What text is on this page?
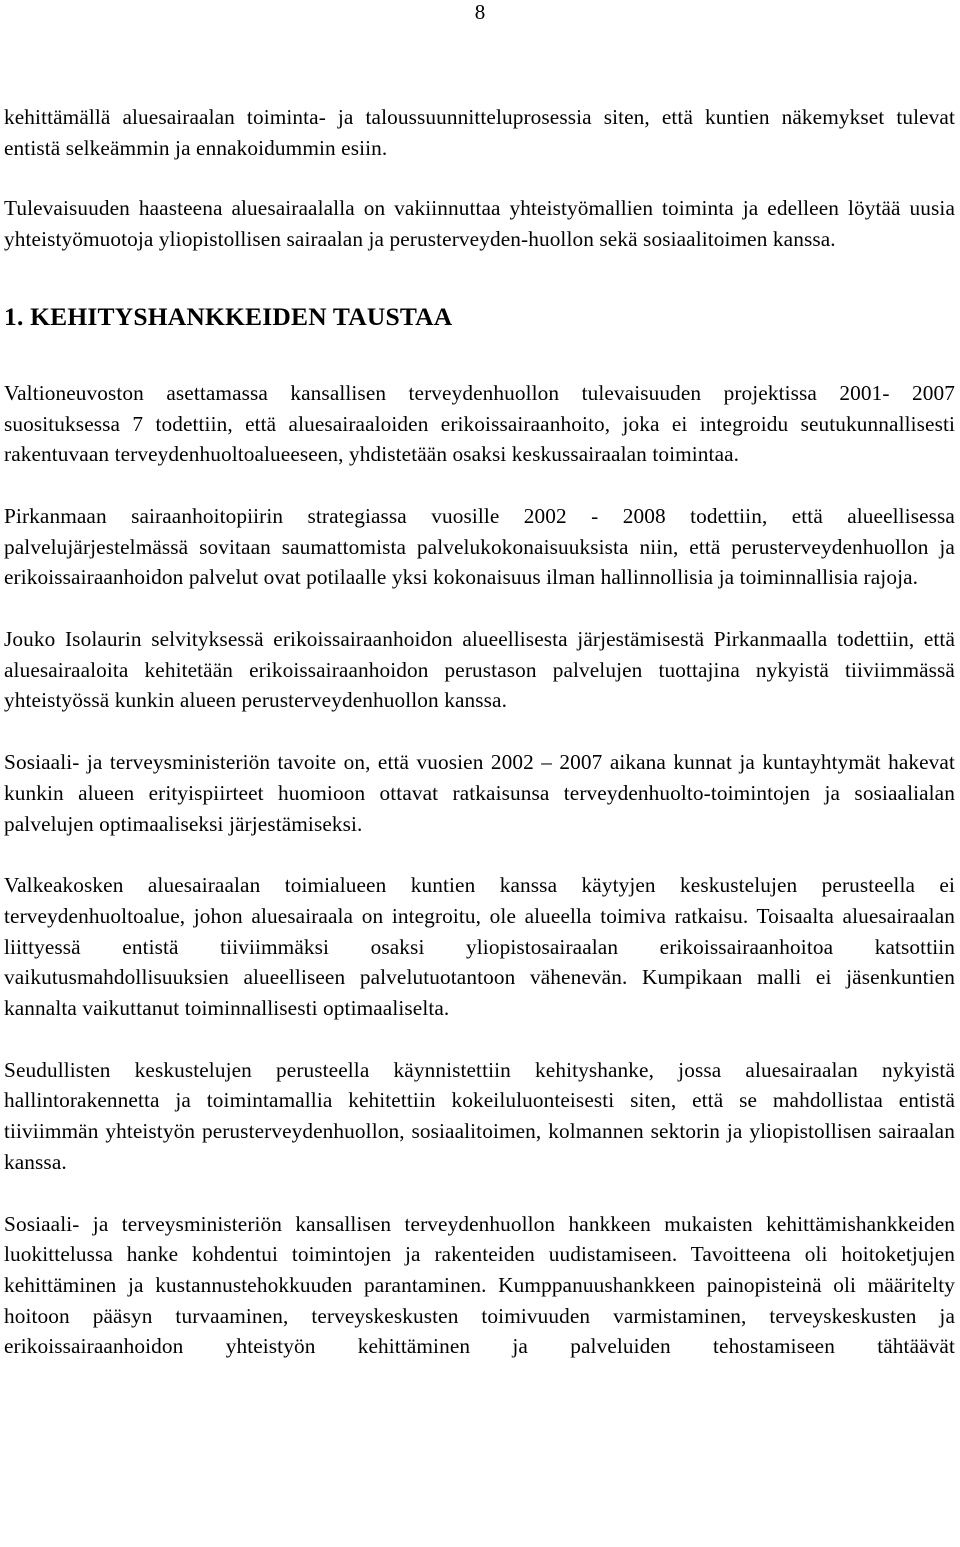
8

kehittämällä aluesairaalan toiminta- ja taloussuunnitteluprosessia siten, että kuntien näkemykset tulevat entistä selkeämmin ja ennakoidummin esiin.

Tulevaisuuden haasteena aluesairaalalla on vakiinnuttaa yhteistyömallien toiminta ja edelleen löytää uusia yhteistyömuotoja yliopistollisen sairaalan ja perusterveyden-huollon sekä sosiaalitoimen kanssa.

1. KEHITYSHANKKEIDEN TAUSTAA

Valtioneuvoston asettamassa kansallisen terveydenhuollon tulevaisuuden projektissa 2001- 2007 suosituksessa 7 todettiin, että aluesairaaloiden erikoissairaanhoito, joka ei integroidu seutukunnallisesti rakentuvaan terveydenhuoltoalueeseen, yhdistetään osaksi keskussairaalan toimintaa.

Pirkanmaan sairaanhoitopiirin strategiassa vuosille 2002 - 2008 todettiin, että alueellisessa palvelujärjestelmässä sovitaan saumattomista palvelukokonaisuuksista niin, että perusterveydenhuollon ja erikoissairaanhoidon palvelut ovat potilaalle yksi kokonaisuus ilman hallinnollisia ja toiminnallisia rajoja.

Jouko Isolaurin selvityksessä erikoissairaanhoidon alueellisesta järjestämisestä Pirkanmaalla todettiin, että aluesairaaloita kehitetään erikoissairaanhoidon perustason palvelujen tuottajina nykyistä tiiviimmässä yhteistyössä kunkin alueen perusterveydenhuollon kanssa.

Sosiaali- ja terveysministeriön tavoite on, että vuosien 2002 – 2007 aikana kunnat ja kuntayhtymät hakevat kunkin alueen erityispiirteet huomioon ottavat ratkaisunsa terveydenhuolto-toimintojen ja sosiaalialan palvelujen optimaaliseksi järjestämiseksi.

Valkeakosken aluesairaalan toimialueen kuntien kanssa käytyjen keskustelujen perusteella ei terveydenhuoltoalue, johon aluesairaala on integroitu, ole alueella toimiva ratkaisu. Toisaalta aluesairaalan liittyessä entistä tiiviimmäksi osaksi yliopistosairaalan erikoissairaanhoitoa katsottiin vaikutusmahdollisuuksien alueelliseen palvelutuotantoon vähenevän. Kumpikaan malli ei jäsenkuntien kannalta vaikuttanut toiminnallisesti optimaaliselta.

Seudullisten keskustelujen perusteella käynnistettiin kehityshanke, jossa aluesairaalan nykyistä hallintorakennetta ja toimintamallia kehitettiin kokeiluluonteisesti siten, että se mahdollistaa entistä tiiviimmän yhteistyön perusterveydenhuollon, sosiaalitoimen, kolmannen sektorin ja yliopistollisen sairaalan kanssa.

Sosiaali- ja terveysministeriön kansallisen terveydenhuollon hankkeen mukaisten kehittämishankkeiden luokittelussa hanke kohdentui toimintojen ja rakenteiden uudistamiseen. Tavoitteena oli hoitoketjujen kehittäminen ja kustannustehokkuuden parantaminen. Kumppanuushankkeen painopisteinä oli määritelty hoitoon pääsyn turvaaminen, terveyskeskusten toimivuuden varmistaminen, terveyskeskusten ja erikoissairaanhoidon yhteistyön kehittäminen ja palveluiden tehostamiseen tähtäävät
